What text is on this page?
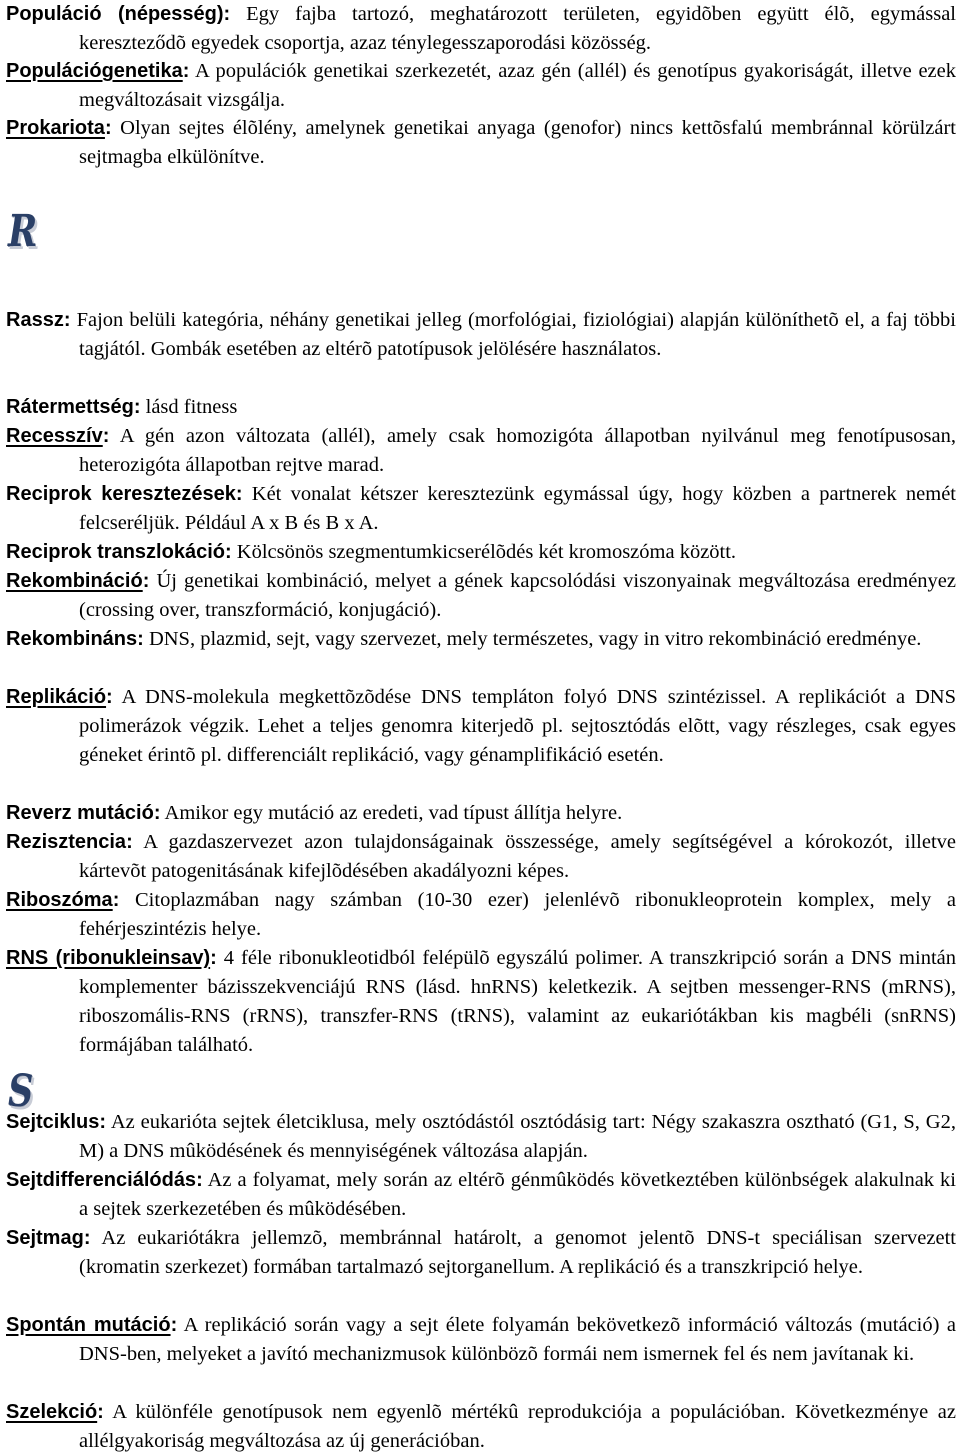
Populáció (népesség): Egy fajba tartozó, meghatározott területen, egyidõben együtt élõ, egymással kereszteződõ egyedek csoportja, azaz ténylegesszaporodási közösség.
Populációgenetika: A populációk genetikai szerkezetét, azaz gén (allél) és genotípus gyakoriságát, illetve ezek megváltozásait vizsgálja.
Prokariota: Olyan sejtes élõlény, amelynek genetikai anyaga (genofor) nincs kettõsfalú membránnal körülzárt sejtmagba elkülönítve.
R
Rassz: Fajon belüli kategória, néhány genetikai jelleg (morfológiai, fiziológiai) alapján különíthetõ el, a faj többi tagjától. Gombák esetében az eltérõ patotípusok jelölésére használatos.
Rátermettség: lásd fitness
Recesszív: A gén azon változata (allél), amely csak homozigóta állapotban nyilvánul meg fenotípusosan, heterozigóta állapotban rejtve marad.
Reciprok keresztezések: Két vonalat kétszer keresztezünk egymással úgy, hogy közben a partnerek nemét felcseréljük. Például A x B és B x A.
Reciprok transzlokáció: Kölcsönös szegmentumkicserélõdés két kromoszóma között.
Rekombináció: Új genetikai kombináció, melyet a gének kapcsolódási viszonyainak megváltozása eredményez (crossing over, transzformáció, konjugáció).
Rekombináns: DNS, plazmid, sejt, vagy szervezet, mely természetes, vagy in vitro rekombináció eredménye.
Replikáció: A DNS-molekula megkettõzõdése DNS templáton folyó DNS szintézissel. A replikációt a DNS polimerázok végzik. Lehet a teljes genomra kiterjedõ pl. sejtosztódás elõtt, vagy részleges, csak egyes géneket érintõ pl. differenciált replikáció, vagy génamplifikáció esetén.
Reverz mutáció: Amikor egy mutáció az eredeti, vad típust állítja helyre.
Rezisztencia: A gazdaszervezet azon tulajdonságainak összessége, amely segítségével a kórokozót, illetve kártevõt patogenitásának kifejlõdésében akadályozni képes.
Riboszóma: Citoplazmában nagy számban (10-30 ezer) jelenlévõ ribonukleoprotein komplex, mely a fehérjeszintézis helye.
RNS (ribonukleinsav): 4 féle ribonukleotidból felépülõ egyszálú polimer. A transzkripció során a DNS mintán komplementer bázisszekvenciájú RNS (lásd. hnRNS) keletkezik. A sejtben messenger-RNS (mRNS), riboszomális-RNS (rRNS), transzfer-RNS (tRNS), valamint az eukariótákban kis magbéli (snRNS) formájában található.
S
Sejtciklus: Az eukarióta sejtek életciklusa, mely osztódástól osztódásig tart: Négy szakaszra osztható (G1, S, G2, M) a DNS mûködésének és mennyiségének változása alapján.
Sejtdifferenciálódás: Az a folyamat, mely során az eltérõ génmûködés következtében különbségek alakulnak ki a sejtek szerkezetében és mûködésében.
Sejtmag: Az eukariótákra jellemzõ, membránnal határolt, a genomot jelentõ DNS-t speciálisan szervezett (kromatin szerkezet) formában tartalmazó sejtorganellum. A replikáció és a transzkripció helye.
Spontán mutáció: A replikáció során vagy a sejt élete folyamán bekövetkezõ információ változás (mutáció) a DNS-ben, melyeket a javító mechanizmusok különbözõ formái nem ismernek fel és nem javítanak ki.
Szelekció: A különféle genotípusok nem egyenlõ mértékû reprodukciója a populációban. Következménye az allélgyakoriság megváltozása az új generációban.
